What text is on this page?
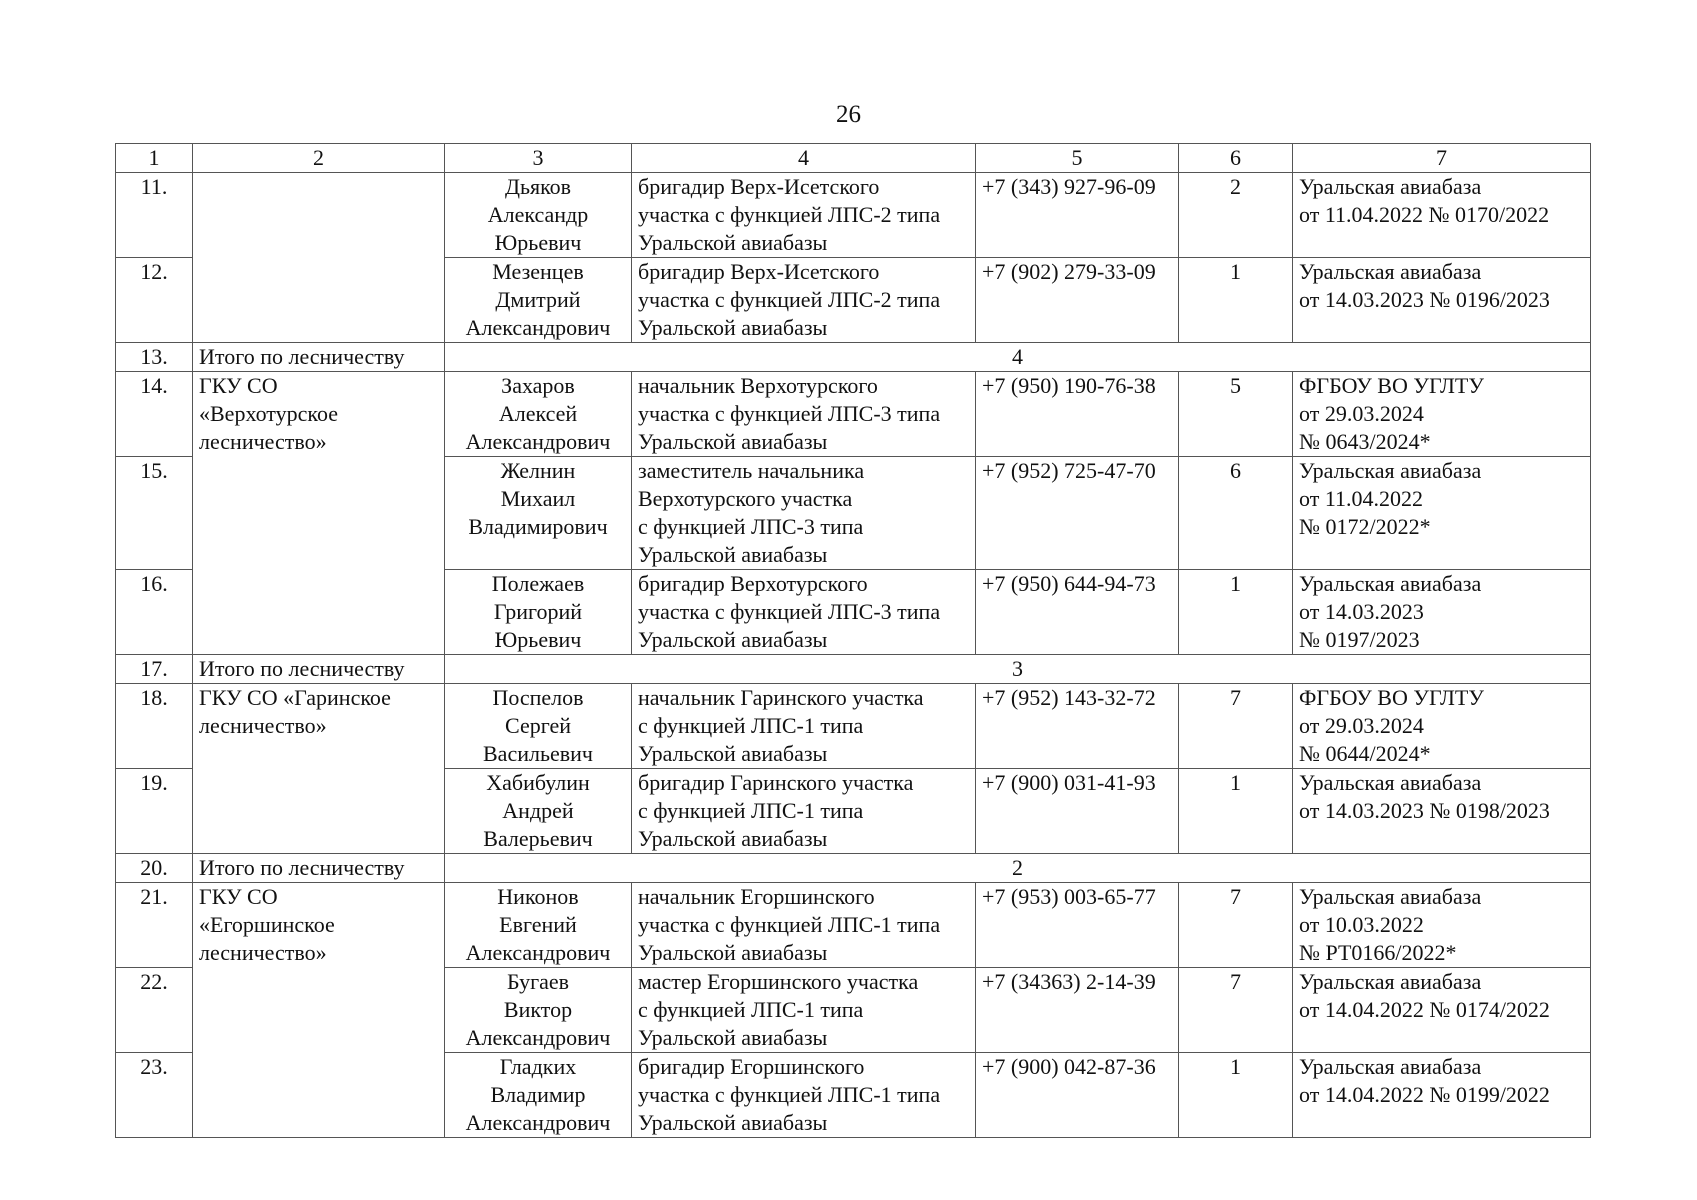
26
1	2	3	4	5	6	7
11.		Дьяков
Александр
Юрьевич	бригадир Верх-Исетского
участка с функцией ЛПС-2 типа
Уральской авиабазы	+7 (343) 927-96-09	2	Уральская авиабаза
от 11.04.2022 № 0170/2022

12.		Мезенцев
Дмитрий
Александрович	бригадир Верх-Исетского
участка с функцией ЛПС-2 типа
Уральской авиабазы	+7 (902) 279-33-09	1	Уральская авиабаза
от 14.03.2023 № 0196/2023

13.	Итого по лесничеству	4				
14.	ГКУ СО
«Верхотурское
лесничество»	Захаров
Алексей
Александрович	начальник Верхотурского
участка с функцией ЛПС-3 типа
Уральской авиабазы	+7 (950) 190-76-38	5	ФГБОУ ВО УГЛТУ
от 29.03.2024
№ 0643/2024*

15.		Желнин
Михаил
Владимирович	заместитель начальника
Верхотурского участка
с функцией ЛПС-3 типа
Уральской авиабазы	+7 (952) 725-47-70	6	Уральская авиабаза
от 11.04.2022
№ 0172/2022*

16.		Полежаев
Григорий
Юрьевич	бригадир Верхотурского
участка с функцией ЛПС-3 типа
Уральской авиабазы	+7 (950) 644-94-73	1	Уральская авиабаза
от 14.03.2023
№ 0197/2023

17.	Итого по лесничеству	3				
18.	ГКУ СО «Гаринское
лесничество»	Поспелов
Сергей
Васильевич	начальник Гаринского участка
с функцией ЛПС-1 типа
Уральской авиабазы	+7 (952) 143-32-72	7	ФГБОУ ВО УГЛТУ
от 29.03.2024
№ 0644/2024*

19.		Хабибулин
Андрей
Валерьевич	бригадир Гаринского участка
с функцией ЛПС-1 типа
Уральской авиабазы	+7 (900) 031-41-93	1	Уральская авиабаза
от 14.03.2023 № 0198/2023

20.	Итого по лесничеству	2				
21.	ГКУ СО
«Егоршинское
лесничество»	Никонов
Евгений
Александрович	начальник Егоршинского
участка с функцией ЛПС-1 типа
Уральской авиабазы	+7 (953) 003-65-77	7	Уральская авиабаза
от 10.03.2022
№ РТ0166/2022*

22.		Бугаев
Виктор
Александрович	мастер Егоршинского участка
с функцией ЛПС-1 типа
Уральской авиабазы	+7 (34363) 2-14-39	7	Уральская авиабаза
от 14.04.2022 № 0174/2022

23.		Гладких
Владимир
Александрович	бригадир Егоршинского
участка с функцией ЛПС-1 типа
Уральской авиабазы	+7 (900) 042-87-36	1	Уральская авиабаза
от 14.04.2022 № 0199/2022
